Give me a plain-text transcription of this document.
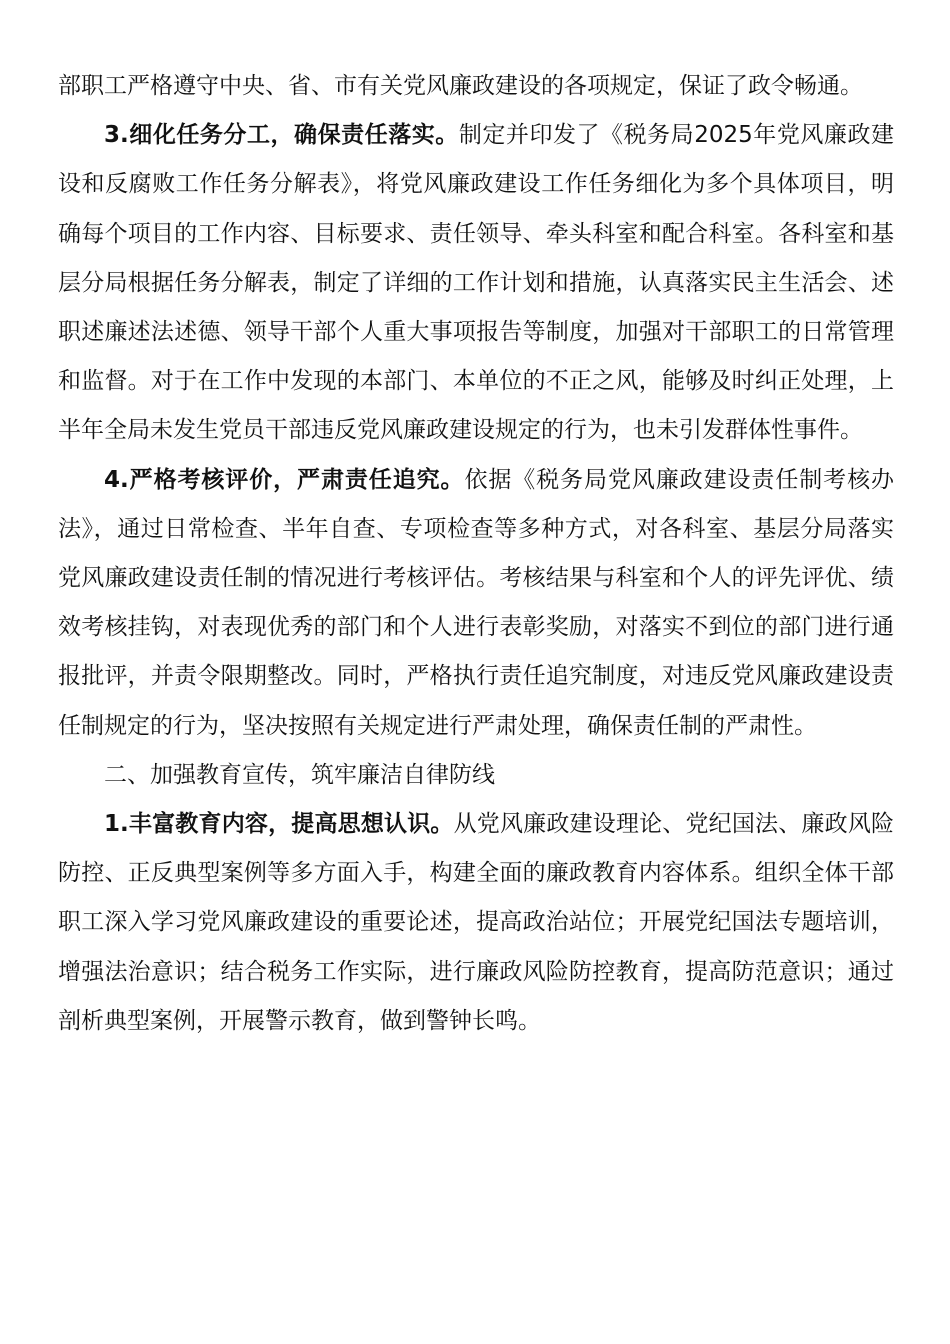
部职工严格遵守中央、省、市有关党风廉政建设的各项规定，保证了政令畅通。

3.细化任务分工，确保责任落实。制定并印发了《税务局2025年党风廉政建设和反腐败工作任务分解表》，将党风廉政建设工作任务细化为多个具体项目，明确每个项目的工作内容、目标要求、责任领导、牵头科室和配合科室。各科室和基层分局根据任务分解表，制定了详细的工作计划和措施，认真落实民主生活会、述职述廉述法述德、领导干部个人重大事项报告等制度，加强对干部职工的日常管理和监督。对于在工作中发现的本部门、本单位的不正之风，能够及时纠正处理，上半年全局未发生党员干部违反党风廉政建设规定的行为，也未引发群体性事件。

4.严格考核评价，严肃责任追究。依据《税务局党风廉政建设责任制考核办法》，通过日常检查、半年自查、专项检查等多种方式，对各科室、基层分局落实党风廉政建设责任制的情况进行考核评估。考核结果与科室和个人的评先评优、绩效考核挂钩，对表现优秀的部门和个人进行表彰奖励，对落实不到位的部门进行通报批评，并责令限期整改。同时，严格执行责任追究制度，对违反党风廉政建设责任制规定的行为，坚决按照有关规定进行严肃处理，确保责任制的严肃性。

二、加强教育宣传，筑牢廉洁自律防线

1.丰富教育内容，提高思想认识。从党风廉政建设理论、党纪国法、廉政风险防控、正反典型案例等多方面入手，构建全面的廉政教育内容体系。组织全体干部职工深入学习党风廉政建设的重要论述，提高政治站位；开展党纪国法专题培训，增强法治意识；结合税务工作实际，进行廉政风险防控教育，提高防范意识；通过剖析典型案例，开展警示教育，做到警钟长鸣。
